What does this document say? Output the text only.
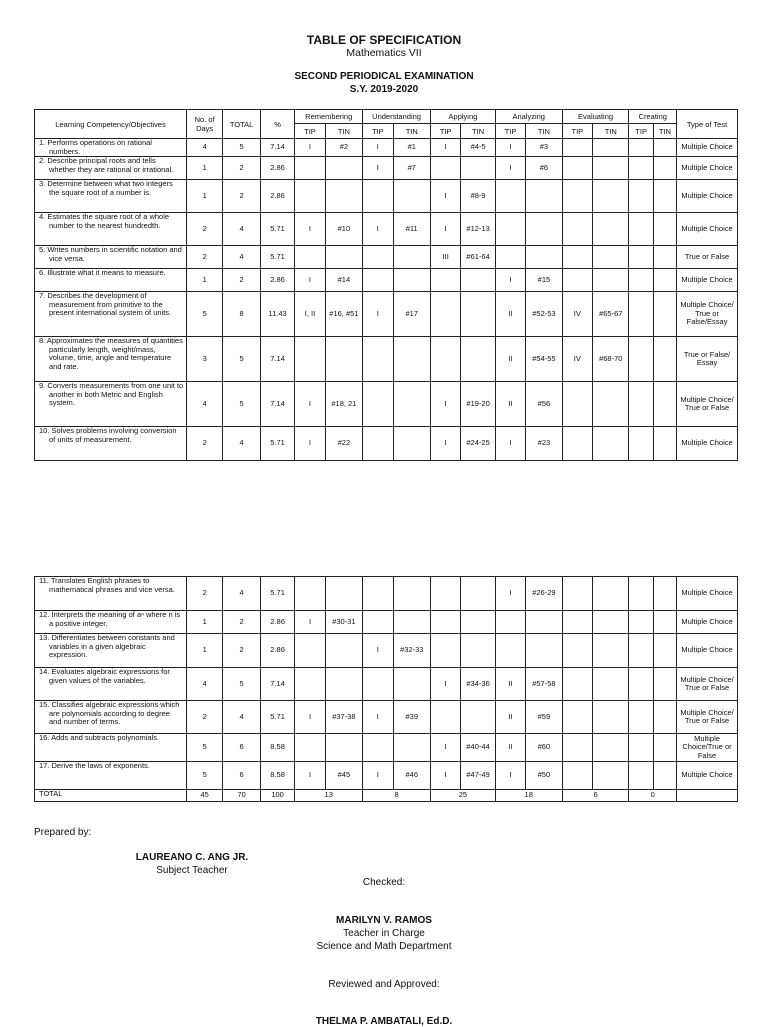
TABLE OF SPECIFICATION
Mathematics VII
SECOND PERIODICAL EXAMINATION
S.Y. 2019-2020
Learning Competency/Objectives	No. of Days	TOTAL	%	Remembering		Understanding		Applying		Analyzing		Evaluating		Creating		Type of Test
				TIP	TIN	TIP	TIN	TIP	TIN	TIP	TIN	TIP	TIN	TIP	TIN	

1. Performs operations on rational numbers.	4	5	7.14	I	#2	I	#1	I	#4-5	I	#3					Multiple Choice

2. Describe principal roots and tells whether they are rational or irrational.	1	2	2.86			I	#7			I	#6					Multiple Choice

3. Determine between what two integers the square root of a number is.	1	2	2.86					I	#8-9							Multiple Choice

4. Estimates the square root of a whole number to the nearest hundredth.	2	4	5.71	I	#10	I	#11	I	#12-13							Multiple Choice

5. Writes numbers in scientific notation and vice versa.	2	4	5.71					III	#61-64							True or False

6. Illustrate what it means to measure.	1	2	2.86	I	#14					I	#15					Multiple Choice

7. Describes the development of measurement from primitive to the present international system of units.	5	8	11.43	I, II	#16, #51	I	#17			II	#52-53	IV	#65-67			Multiple Choice/ True or False/Essay

8. Approximates the measures of quantities particularly length, weight/mass, volume, time, angle and temperature and rate.	3	5	7.14							II	#54-55	IV	#68-70			True or False/ Essay

9. Converts measurements from one unit to another in both Metric and English system.	4	5	7.14	I	#18, 21			I	#19-20	II	#56					Multiple Choice/ True or False

10. Solves problems involving conversion of units of measurement.	2	4	5.71	I	#22			I	#24-25	I	#23					Multiple Choice
11. Translates English phrases to mathematical phrases and vice versa.	2	4	5.71							I	#26-29					Multiple Choice

12. Interprets the meaning of aⁿ where n is a positive integer.	1	2	2.86	I	#30-31											Multiple Choice

13. Differentiates between constants and variables in a given algebraic expression.	1	2	2.86			I	#32-33									Multiple Choice

14. Evaluates algebraic expressions for given values of the variables.	4	5	7.14					I	#34-36	II	#57-58					Multiple Choice/ True or False

15. Classifies algebraic expressions which are polynomials according to degree and number of terms.	2	4	5.71	I	#37-38	I	#39			II	#59					Multiple Choice/ True or False

16. Adds and subtracts polynomials.	5	6	8.58					I	#40-44	II	#60					Multiple Choice/True or False

17. Derive the laws of exponents.	5	6	8.58	I	#45	I	#46	I	#47-49	I	#50					Multiple Choice
TOTAL	45	70	100	13		8		25		18		6		0		
Prepared by:
LAUREANO C. ANG JR.
Subject Teacher
Checked:
MARILYN V. RAMOS
Teacher in Charge
Science and Math Department
Reviewed and Approved:
THELMA P. AMBATALI, Ed.D.
